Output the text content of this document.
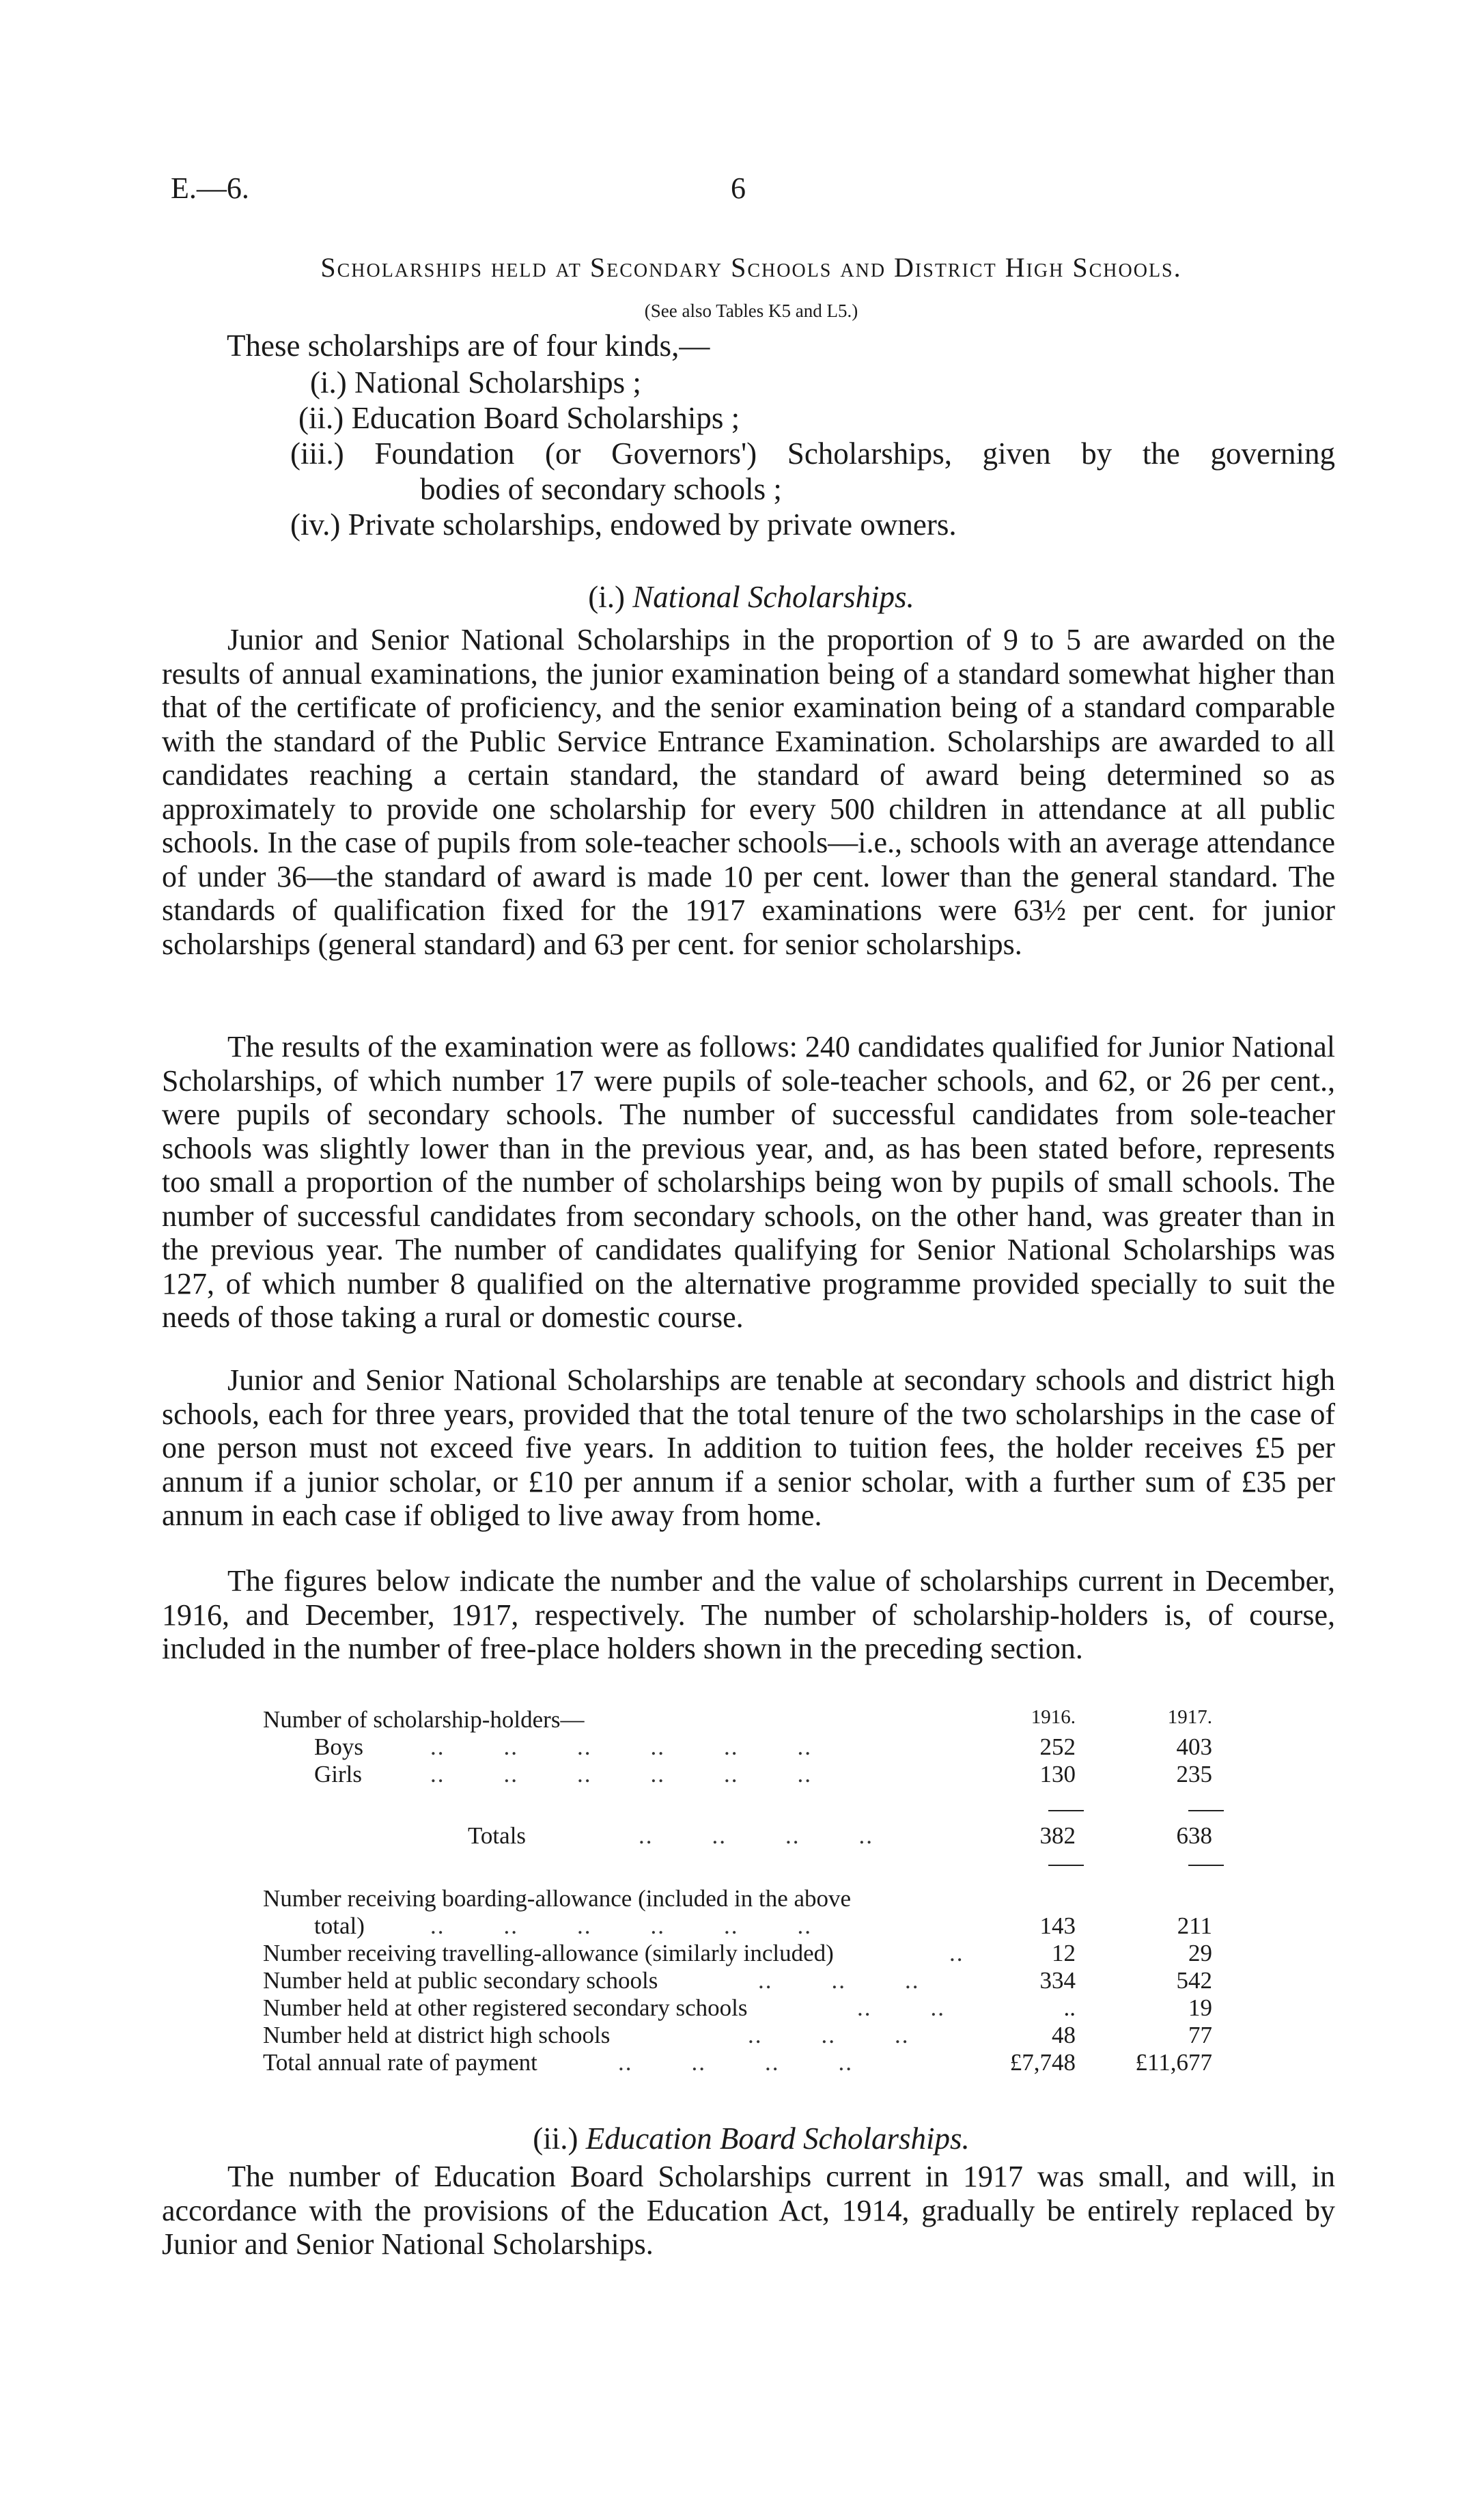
E.—6.	6
Scholarships held at Secondary Schools and District High Schools.
(See also Tables K5 and L5.)
These scholarships are of four kinds,—
(i.) National Scholarships ;
(ii.) Education Board Scholarships ;
(iii.) Foundation (or Governors') Scholarships, given by the governing
bodies of secondary schools ;
(iv.) Private scholarships, endowed by private owners.
(i.) National Scholarships.

Junior and Senior National Scholarships in the proportion of 9 to 5 are awarded on the results of annual examinations, the junior examination being of a standard somewhat higher than that of the certificate of proficiency, and the senior examination being of a standard comparable with the standard of the Public Service Entrance Examination. Scholarships are awarded to all candidates reaching a certain standard, the standard of award being determined so as approximately to provide one scholarship for every 500 children in attendance at all public schools. In the case of pupils from sole-teacher schools—i.e., schools with an average attendance of under 36—the standard of award is made 10 per cent. lower than the general standard. The standards of qualification fixed for the 1917 examinations were 63½ per cent. for junior scholarships (general standard) and 63 per cent. for senior scholarships.

The results of the examination were as follows: 240 candidates qualified for Junior National Scholarships, of which number 17 were pupils of sole-teacher schools, and 62, or 26 per cent., were pupils of secondary schools. The number of successful candidates from sole-teacher schools was slightly lower than in the previous year, and, as has been stated before, represents too small a proportion of the number of scholarships being won by pupils of small schools. The number of successful candidates from secondary schools, on the other hand, was greater than in the previous year. The number of candidates qualifying for Senior National Scholarships was 127, of which number 8 qualified on the alternative programme provided specially to suit the needs of those taking a rural or domestic course.

Junior and Senior National Scholarships are tenable at secondary schools and district high schools, each for three years, provided that the total tenure of the two scholarships in the case of one person must not exceed five years. In addition to tuition fees, the holder receives £5 per annum if a junior scholar, or £10 per annum if a senior scholar, with a further sum of £35 per annum in each case if obliged to live away from home.

The figures below indicate the number and the value of scholarships current in December, 1916, and December, 1917, respectively. The number of scholarship-holders is, of course, included in the number of free-place holders shown in the preceding section.

Number of scholarship-holders—	1916.	1917.
Boys	..        ..        ..        ..        ..        ..	252	403
Girls	..        ..        ..        ..        ..        ..	130	235
Totals	..        ..        ..        ..	382	638
Number receiving boarding-allowance (included in the above
total)	..        ..        ..        ..        ..        ..	143	211
Number receiving travelling-allowance (similarly included)	..	12	29
Number held at public secondary schools	..        ..        ..	334	542
Number held at other registered secondary schools	..        ..	..	19
Number held at district high schools	..        ..        ..	48	77
Total annual rate of payment	..        ..        ..        ..	£7,748	£11,677
(ii.) Education Board Scholarships.

The number of Education Board Scholarships current in 1917 was small, and will, in accordance with the provisions of the Education Act, 1914, gradually be entirely replaced by Junior and Senior National Scholarships.
